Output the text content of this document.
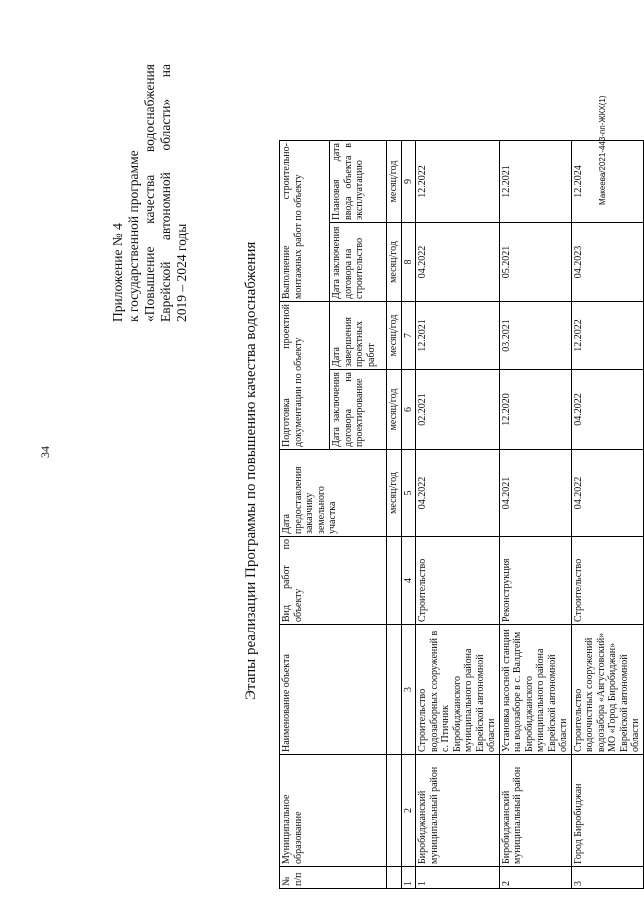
34
Приложение № 4 к государственной программе «Повышение качества водоснабжения Еврейской автономной области» на 2019 – 2024 годы	Этапы реализации Программы по повышению качества водоснабжения
№ п/п	Муниципальное образование	Наименование объекта	Вид работ по объекту	Дата предоставления заказчику земельного участка	Подготовка проектной документации по объекту		Выполнение строительно-монтажных работ по объекту	
					Дата заключения договора на проектирование	Дата завершения проектных работ	Дата заключения договора на строительство	Плановая дата ввода объекта в эксплуатацию
				месяц/год	месяц/год	месяц/год	месяц/год	месяц/год
1	2	3	4	5	6	7	8	9
1	Биробиджанский муниципальный район	Строительство водозаборных сооружений в с. Птичник Биробиджанского муниципального района Еврейской автономной области	Строительство	04.2022	02.2021	12.2021	04.2022	12.2022
2	Биробиджанский муниципальный район	Установка насосной станции на водозаборе в с. Валдгейм Биробиджанского муниципального района Еврейской автономной области	Реконструкция	04.2021	12.2020	03.2021	05.2021	12.2021
3	Город Биробиджан	Строительство водоочистных сооружений водозабора «Августовский» МО «Город Биробиджан» Еврейской автономной области	Строительство	04.2022	04.2022	12.2022	04.2023	12.2024 Макеева/2021-443-пп-ЖКХ(1)
